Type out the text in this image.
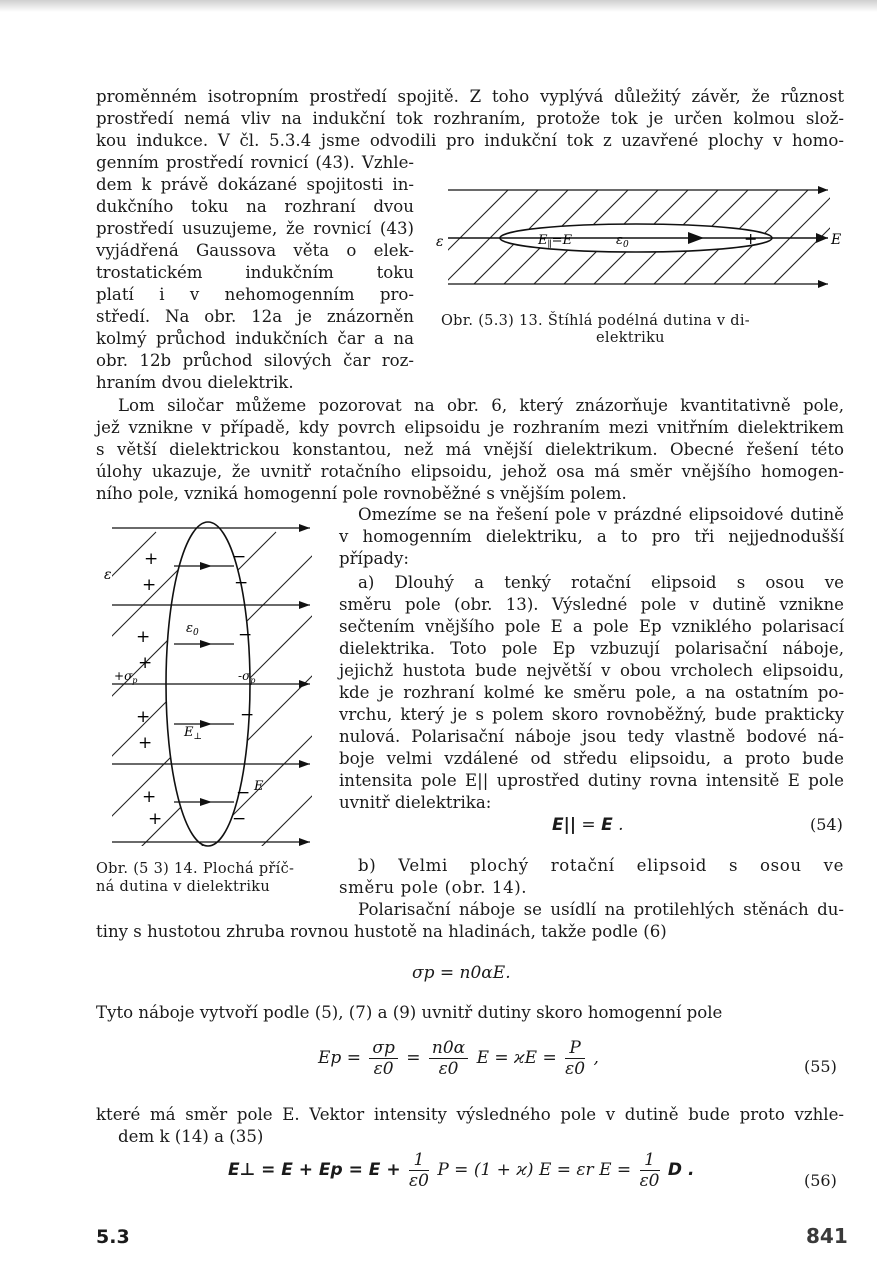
proměnném isotropním prostředí spojitě. Z toho vyplývá důležitý závěr, že různost
prostředí nemá vliv na indukční tok rozhraním, protože tok je určen kolmou slož-
kou indukce. V čl. 5.3.4 jsme odvodili pro indukční tok z uzavřené plochy v homo-
genním prostředí rovnicí (43). Vzhle-
dem k právě dokázané spojitosti in-
dukčního toku na rozhraní dvou
prostředí usuzujeme, že rovnicí (43)
vyjádřená Gaussova věta o elek-
trostatickém indukčním toku
platí i v nehomogenním pro-
středí. Na obr. 12a je znázorněn
kolmý průchod indukčních čar a na
obr. 12b průchod silových čar roz-
hraním dvou dielektrik.
ε	E
$E_\parallel=E$	$\varepsilon_0$	+
Obr. (5.3) 13. Štíhlá podélná dutina v di-
elektriku
Lom siločar můžeme pozorovat na obr. 6, který znázorňuje kvantitativně pole,
jež vznikne v případě, kdy povrch elipsoidu je rozhraním mezi vnitřním dielektrikem
s větší dielektrickou konstantou, než má vnější dielektrikum. Obecné řešení této
úlohy ukazuje, že uvnitř rotačního elipsoidu, jehož osa má směr vnějšího homogen-
ního pole, vzniká homogenní pole rovnoběžné s vnějším polem.
+
+
+
+
+
+
+
+
−
−
−
−
−
−
ε
$\varepsilon_0$
$+\sigma_p$	$-\sigma_p$
$E_\perp$
E
Obr. (5 3) 14. Plochá příč-
ná dutina v dielektriku
Omezíme se na řešení pole v prázdné elipsoidové dutině
v homogenním dielektriku, a to pro tři nejjednodušší
případy:
a) Dlouhý a tenký rotační elipsoid s osou ve
směru pole (obr. 13). Výsledné pole v dutině vznikne
sečtením vnějšího pole E a pole Ep vzniklého polarisací
dielektrika. Toto pole Ep vzbuzují polarisační náboje,
jejichž hustota bude největší v obou vrcholech elipsoidu,
kde je rozhraní kolmé ke směru pole, a na ostatním po-
vrchu, který je s polem skoro rovnoběžný, bude prakticky
nulová. Polarisační náboje jsou tedy vlastně bodové ná-
boje velmi vzdálené od středu elipsoidu, a proto bude
intensita pole E|| uprostřed dutiny rovna intensitě E pole
uvnitř dielektrika:
E|| = E .	(54)
b) Velmi plochý rotační elipsoid s osou ve
směru pole (obr. 14).
Polarisační náboje se usídlí na protilehlých stěnách du-
tiny s hustotou zhruba rovnou hustotě na hladinách, takže podle (6)
σp = n0αE.
Tyto náboje vytvoří podle (5), (7) a (9) uvnitř dutiny skoro homogenní pole
$Ep = \frac{\sigma p}{\varepsilon 0} = \frac{n0\alpha}{\varepsilon 0}$ $E = ϰE = \frac{P}{\varepsilon 0}$ ,	(55)
které má směr pole E. Vektor intensity výsledného pole v dutině bude proto vzhle-
dem k (14) a (35)
E⊥ = $E + Ep = E + \frac{1}{\varepsilon 0}$ P = (1 + ϰ) E = εr $E = \frac{1}{\varepsilon 0}$ D .
(56)
5.3	841
